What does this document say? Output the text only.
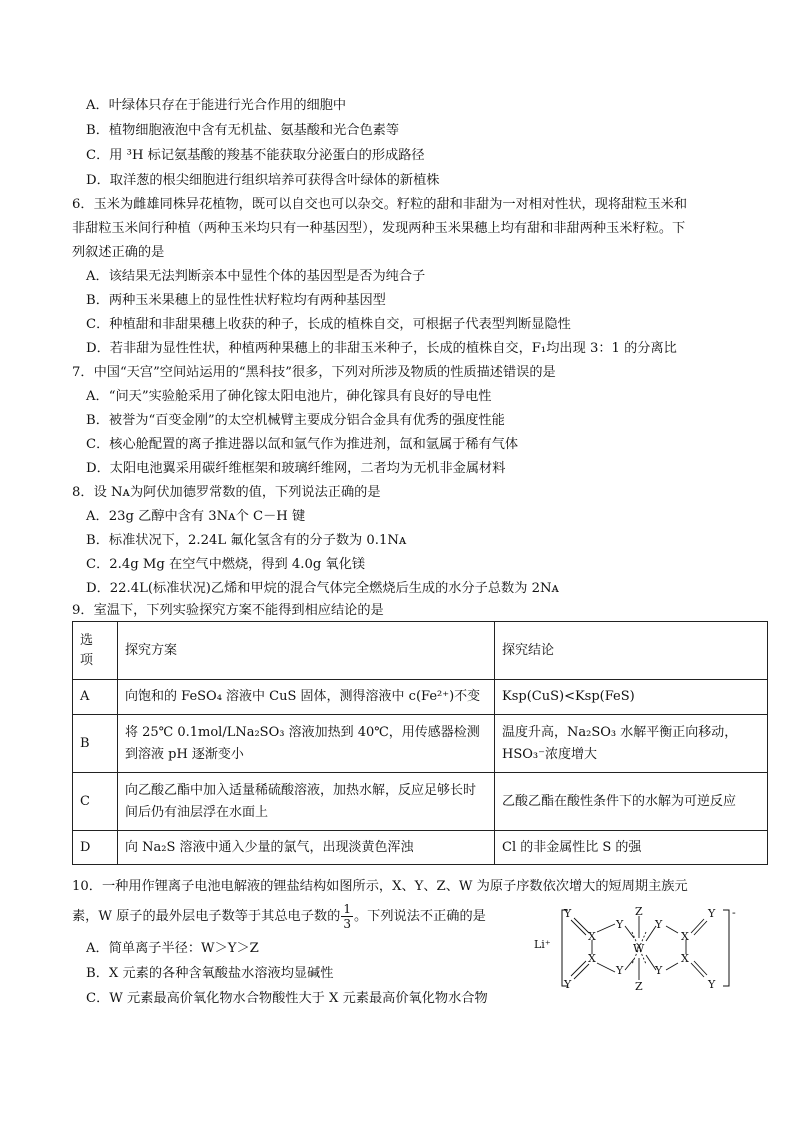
A．叶绿体只存在于能进行光合作用的细胞中
B．植物细胞液泡中含有无机盐、氨基酸和光合色素等
C．用 ³H 标记氨基酸的羧基不能获取分泌蛋白的形成路径
D．取洋葱的根尖细胞进行组织培养可获得含叶绿体的新植株
6．玉米为雌雄同株异花植物，既可以自交也可以杂交。籽粒的甜和非甜为一对相对性状，现将甜粒玉米和
非甜粒玉米间行种植（两种玉米均只有一种基因型），发现两种玉米果穗上均有甜和非甜两种玉米籽粒。下
列叙述正确的是
A．该结果无法判断亲本中显性个体的基因型是否为纯合子
B．两种玉米果穗上的显性性状籽粒均有两种基因型
C．种植甜和非甜果穗上收获的种子，长成的植株自交，可根据子代表型判断显隐性
D．若非甜为显性性状，种植两种果穗上的非甜玉米种子，长成的植株自交，F₁均出现 3：1 的分离比
7．中国“天宫”空间站运用的“黑科技”很多，下列对所涉及物质的性质描述错误的是
A．“问天”实验舱采用了砷化镓太阳电池片，砷化镓具有良好的导电性
B．被誉为“百变金刚”的太空机械臂主要成分铝合金具有优秀的强度性能
C．核心舱配置的离子推进器以氙和氩气作为推进剂，氙和氩属于稀有气体
D．太阳电池翼采用碳纤维框架和玻璃纤维网，二者均为无机非金属材料
8．设 Nᴀ为阿伏加德罗常数的值，下列说法正确的是
A．23g 乙醇中含有 3Nᴀ个 C－H 键
B．标准状况下，2.24L 氟化氢含有的分子数为 0.1Nᴀ
C．2.4g Mg 在空气中燃烧，得到 4.0g 氧化镁
D．22.4L(标准状况)乙烯和甲烷的混合气体完全燃烧后生成的水分子总数为 2Nᴀ
9．室温下，下列实验探究方案不能得到相应结论的是
选项	探究方案	探究结论
A	向饱和的 FeSO₄ 溶液中 CuS 固体，测得溶液中 c(Fe²⁺)不变	Ksp(CuS)<Ksp(FeS)
B	将 25℃ 0.1mol/LNa₂SO₃ 溶液加热到 40℃，用传感器检测到溶液 pH 逐渐变小	温度升高，Na₂SO₃ 水解平衡正向移动，HSO₃⁻浓度增大
C	向乙酸乙酯中加入适量稀硫酸溶液，加热水解，反应足够长时间后仍有油层浮在水面上	乙酸乙酯在酸性条件下的水解为可逆反应
D	向 Na₂S 溶液中通入少量的氯气，出现淡黄色浑浊	Cl 的非金属性比 S 的强
10．一种用作锂离子电池电解液的锂盐结构如图所示，X、Y、Z、W 为原子序数依次增大的短周期主族元
素，W 原子的最外层电子数等于其总电子数的 $\frac{1}{3}$ 。下列说法不正确的是
A．简单离子半径：W＞Y＞Z
B．X 元素的各种含氧酸盐水溶液均显碱性
C．W 元素最高价氧化物水合物酸性大于 X 元素最高价氧化物水合物
Li⁺
-
Y
X
Y
X
Y
Y
Z
W
Z
Y
Y
X
X
Y
Y
